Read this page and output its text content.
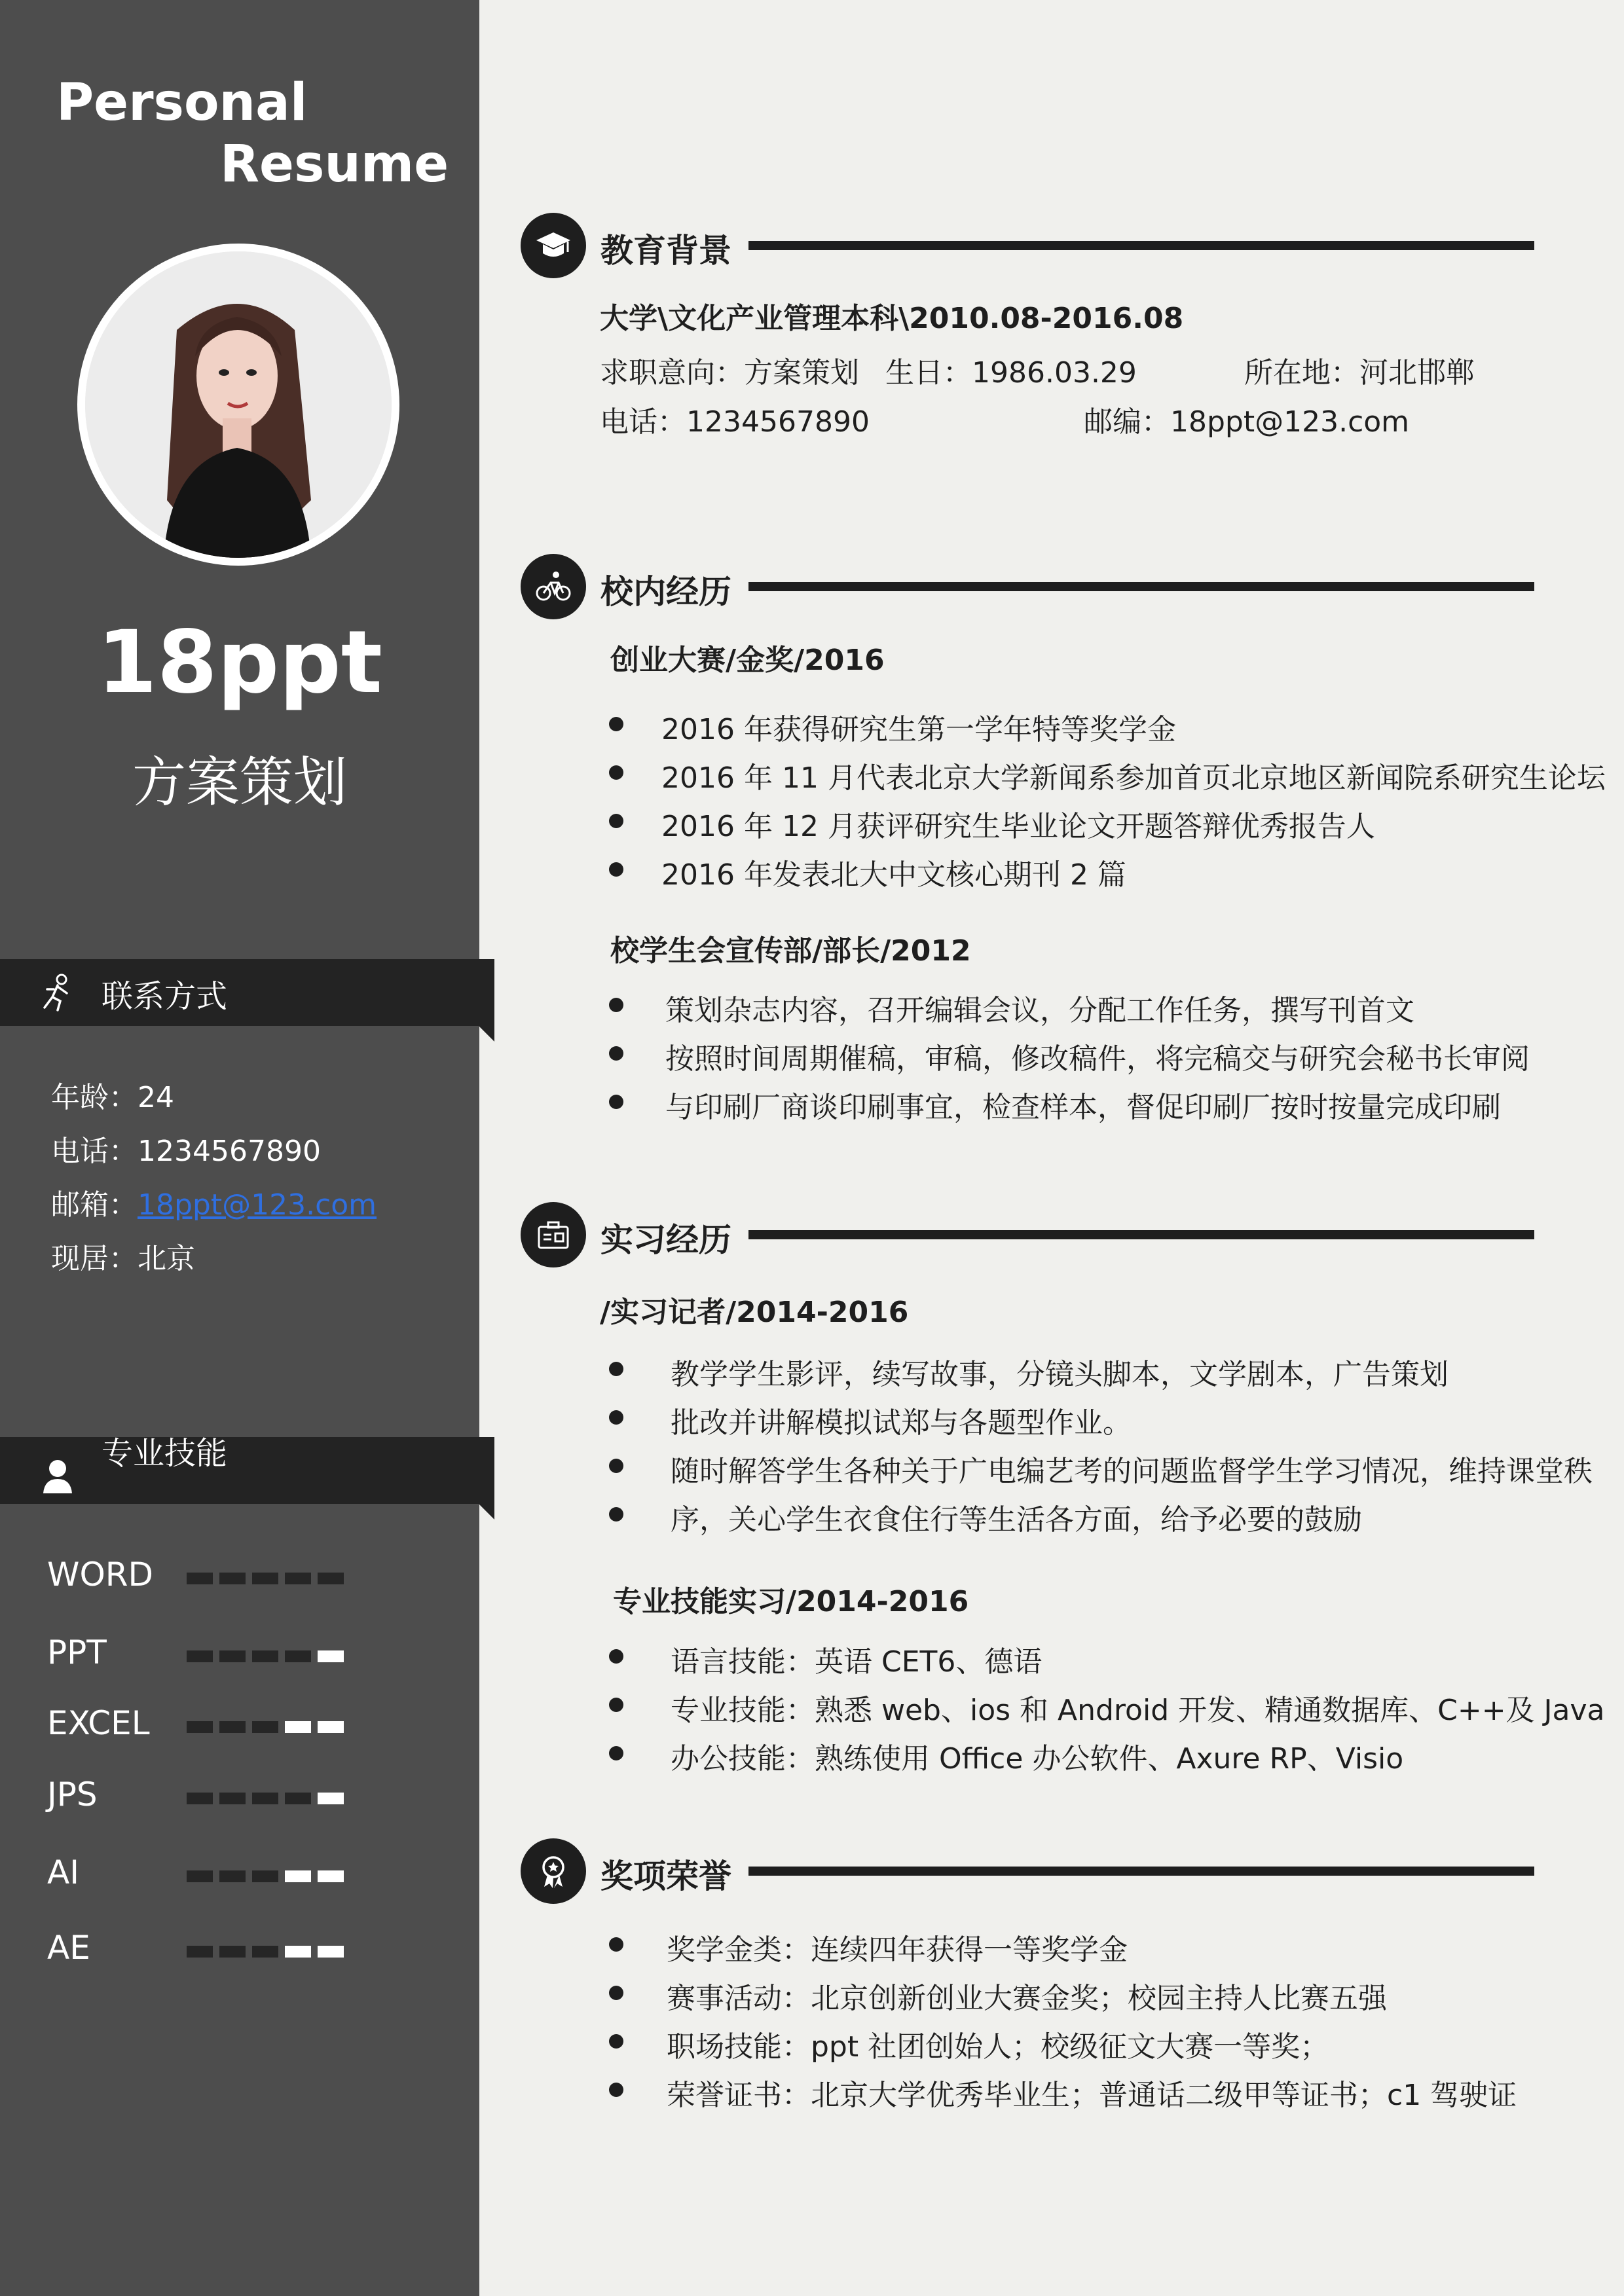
Personal
Resume
18ppt
方案策划
联系方式
年龄：24
电话：1234567890
邮箱：18ppt@123.com
现居：北京
专业技能
WORD
PPT
EXCEL
JPS
AI
AE
教育背景
大学\文化产业管理本科\2010.08-2016.08
求职意向：方案策划 生日：1986.03.29	所在地：河北邯郸
电话：1234567890	邮编：18ppt@123.com
校内经历
创业大赛/金奖/2016
2016 年获得研究生第一学年特等奖学金
2016 年 11 月代表北京大学新闻系参加首页北京地区新闻院系研究生论坛
2016 年 12 月获评研究生毕业论文开题答辩优秀报告人
2016 年发表北大中文核心期刊 2 篇
校学生会宣传部/部长/2012
策划杂志内容，召开编辑会议，分配工作任务，撰写刊首文
按照时间周期催稿，审稿，修改稿件，将完稿交与研究会秘书长审阅
与印刷厂商谈印刷事宜，检查样本，督促印刷厂按时按量完成印刷
实习经历
/实习记者/2014-2016
教学学生影评，续写故事，分镜头脚本，文学剧本，广告策划
批改并讲解模拟试郑与各题型作业。
随时解答学生各种关于广电编艺考的问题监督学生学习情况，维持课堂秩
序，关心学生衣食住行等生活各方面，给予必要的鼓励
专业技能实习/2014-2016
语言技能：英语 CET6、德语
专业技能：熟悉 web、ios 和 Android 开发、精通数据库、C++及 Java
办公技能：熟练使用 Office 办公软件、Axure RP、Visio
奖项荣誉
奖学金类：连续四年获得一等奖学金
赛事活动：北京创新创业大赛金奖；校园主持人比赛五强
职场技能：ppt 社团创始人；校级征文大赛一等奖；
荣誉证书：北京大学优秀毕业生；普通话二级甲等证书；c1 驾驶证
